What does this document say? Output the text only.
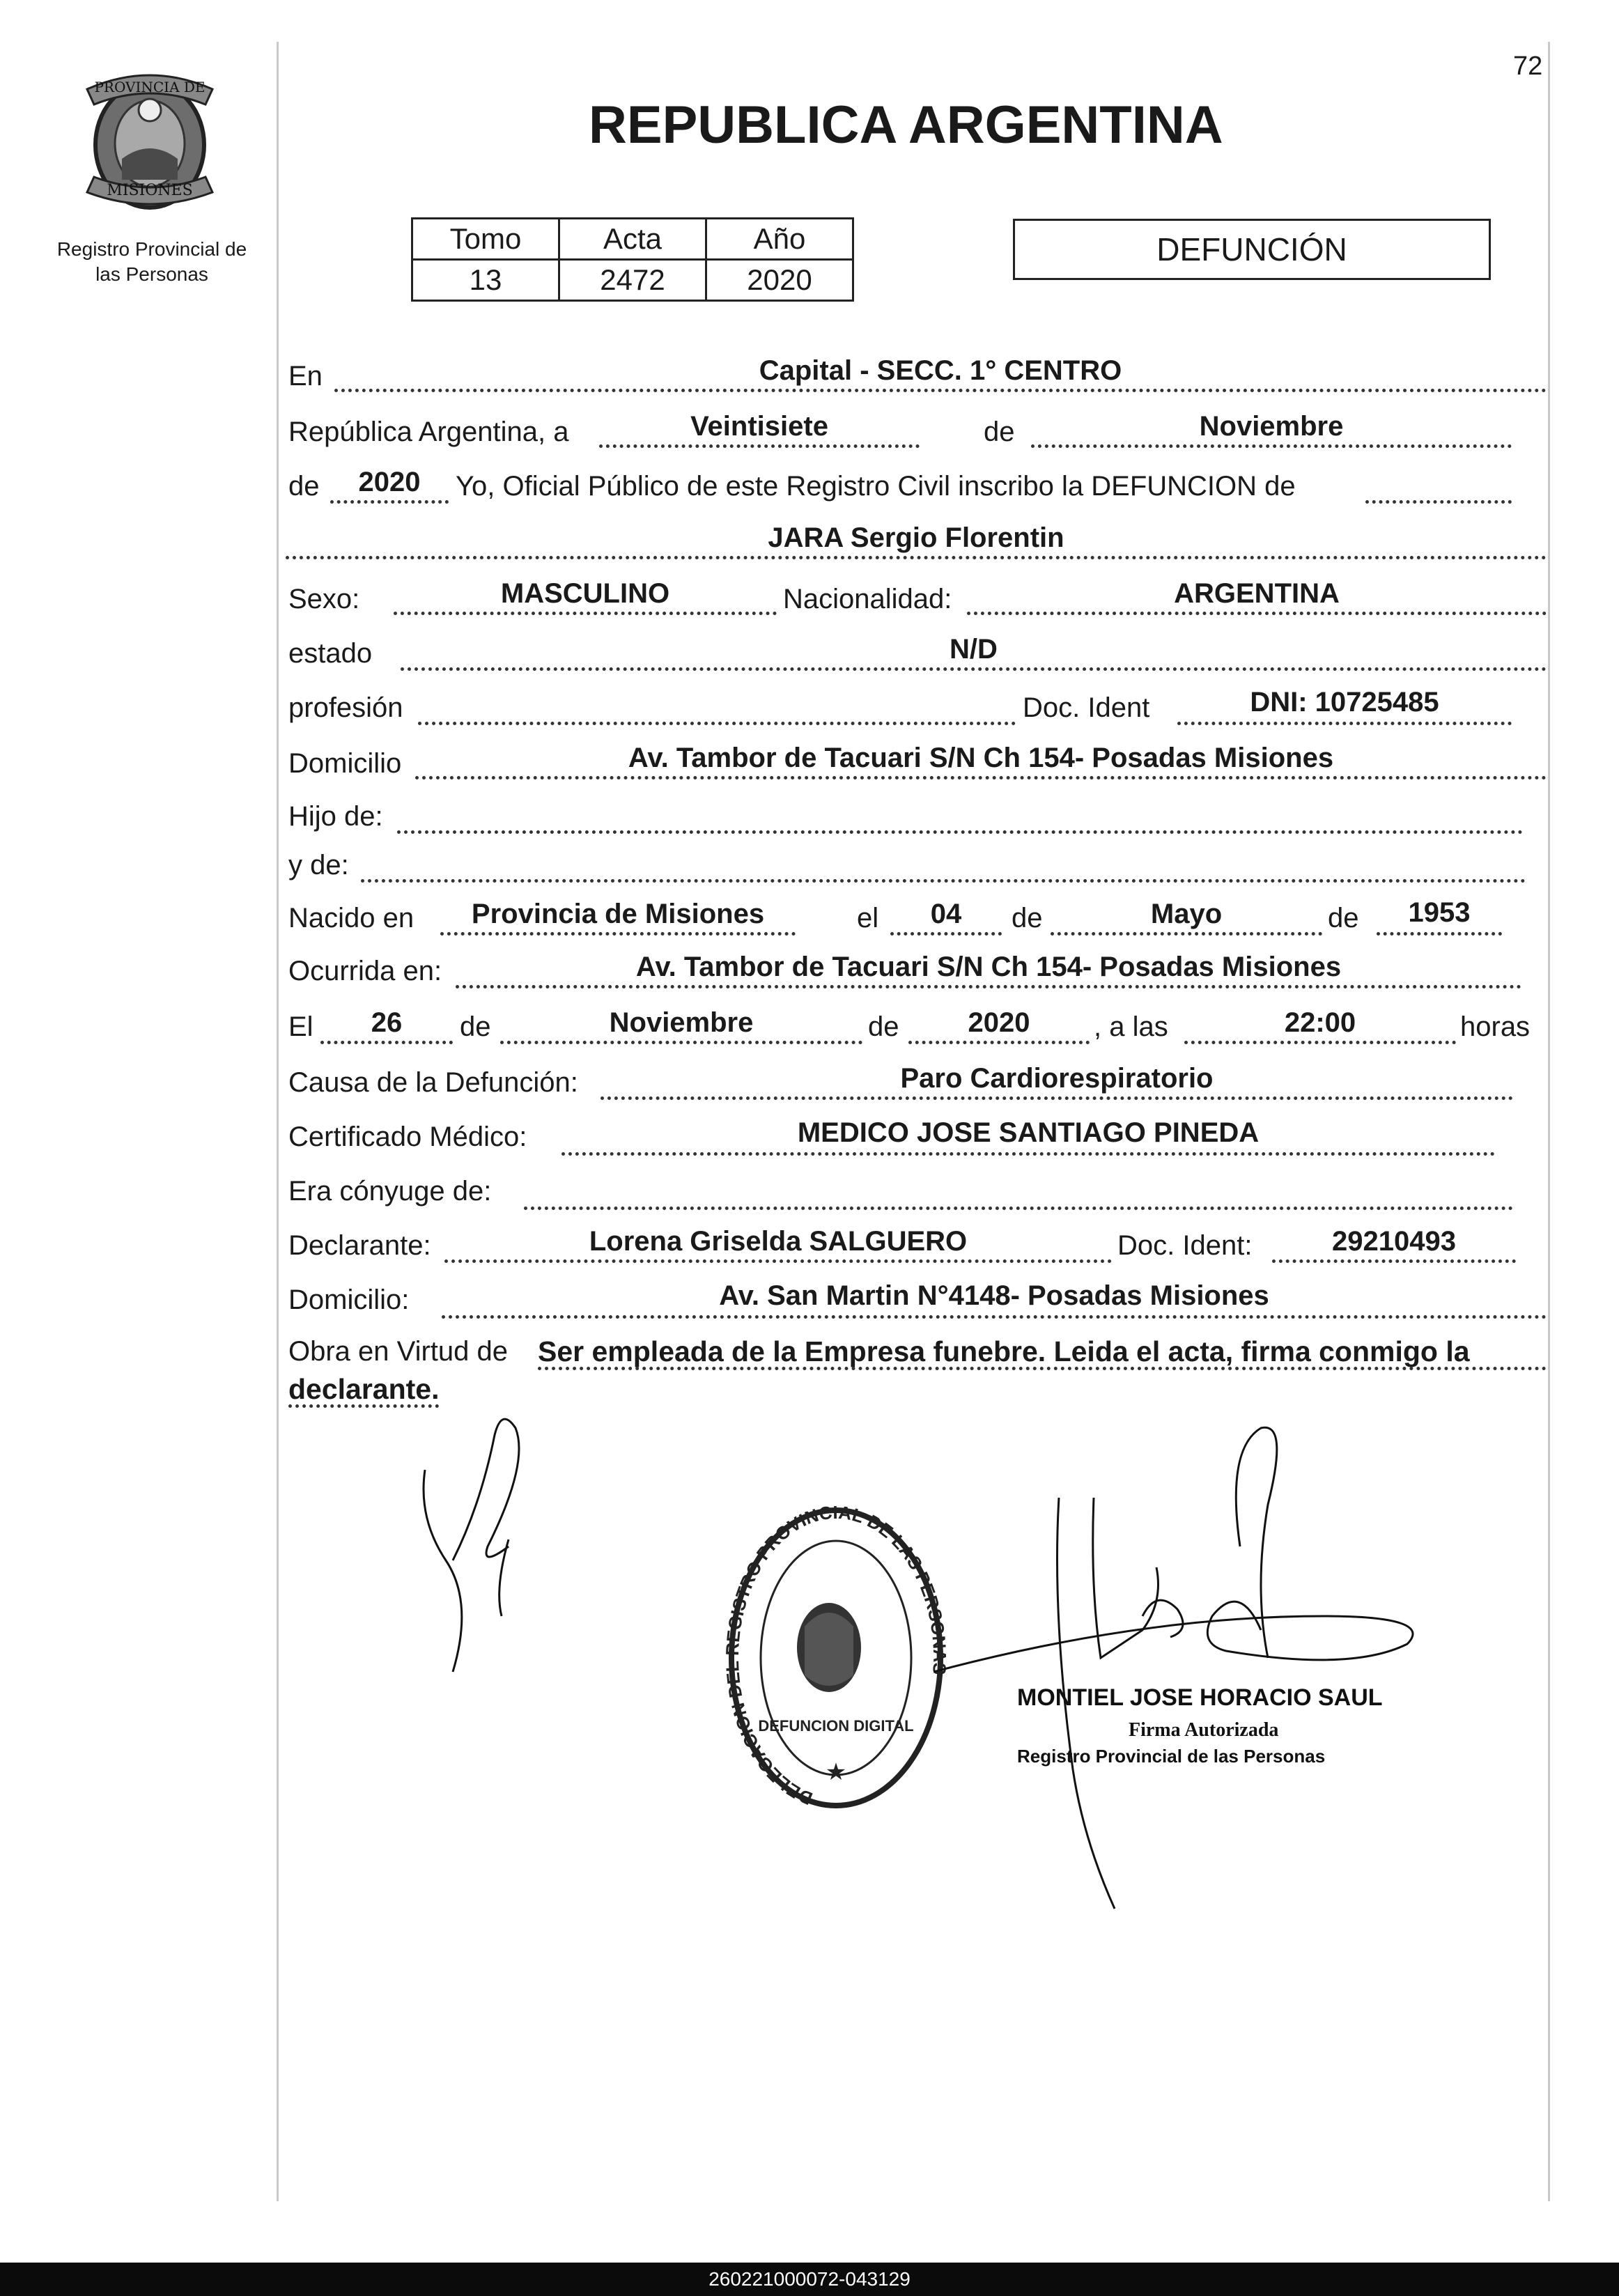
72
PROVINCIA DE
MISIONES
Registro Provincial de
las Personas
REPUBLICA ARGENTINA
Tomo	Acta	Año
13	2472	2020
DEFUNCIÓN
En	Capital - SECC. 1° CENTRO
República Argentina, a	Veintisiete	de	Noviembre
de	2020	Yo, Oficial Público de este Registro Civil inscribo la DEFUNCION de
JARA Sergio Florentin
Sexo:	MASCULINO	Nacionalidad:	ARGENTINA
estado	N/D
profesión	Doc. Ident	DNI: 10725485
Domicilio	Av. Tambor de Tacuari S/N Ch 154- Posadas Misiones
Hijo de:
y de:
Nacido en	Provincia de Misiones	el	04	de	Mayo	de	1953
Ocurrida en:	Av. Tambor de Tacuari S/N Ch 154- Posadas Misiones
El	26	de	Noviembre	de	2020	, a las	22:00	horas
Causa de la Defunción:	Paro Cardiorespiratorio
Certificado Médico:	MEDICO JOSE SANTIAGO PINEDA
Era cónyuge de:
Declarante:	Lorena Griselda SALGUERO	Doc. Ident:	29210493
Domicilio:	Av. San Martin N°4148- Posadas Misiones
Obra en Virtud de Ser empleada de la Empresa funebre. Leida el acta, firma conmigo la
declarante.
DELEGACION D EGISTRO PROVINCIAL DE LAS PERSO
DEFUNCION DIGITAL
★
MONTIEL JOSE HORACIO SAUL
Firma Autorizada
Registro Provincial de las Personas
260221000072-043129
